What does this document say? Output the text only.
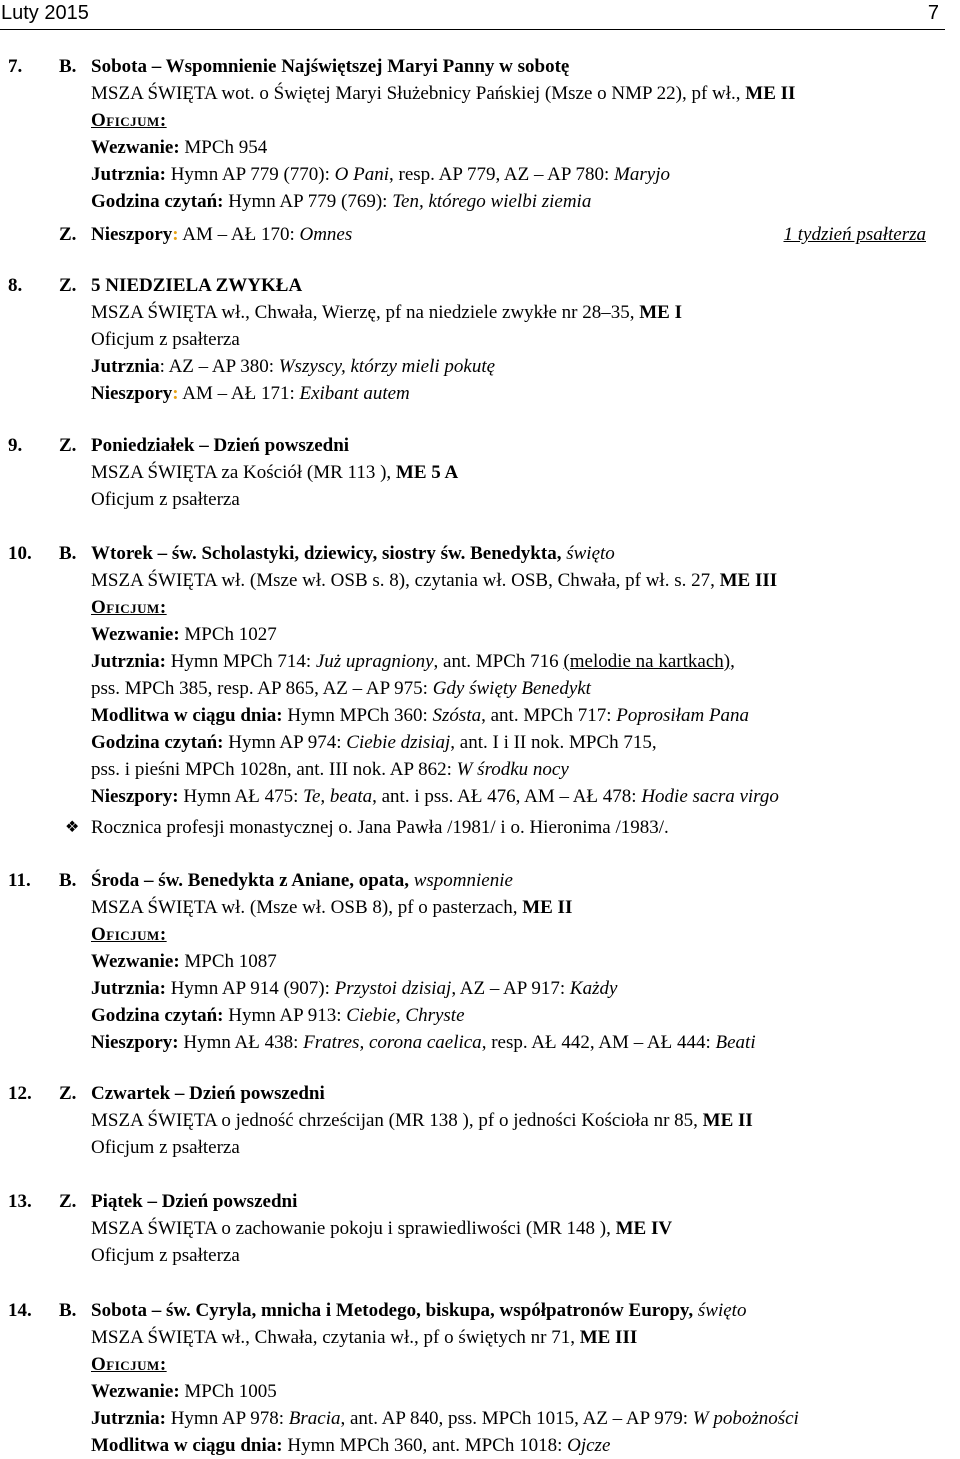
Luty 2015	7
7. B. Sobota – Wspomnienie Najświętszej Maryi Panny w sobotę
MSZA ŚWIĘTA wot. o Świętej Maryi Służebnicy Pańskiej (Msze o NMP 22), pf wł., ME II
Oficjum:
Wezwanie: MPCh 954
Jutrznia: Hymn AP 779 (770): O Pani, resp. AP 779, AZ – AP 780: Maryjo
Godzina czytań: Hymn AP 779 (769): Ten, którego wielbi ziemia
Z. Nieszpory: AM – AŁ 170: Omnes	1 tydzień psałterza
8. Z. 5 NIEDZIELA ZWYKŁA
MSZA ŚWIĘTA wł., Chwała, Wierzę, pf na niedziele zwykłe nr 28–35, ME I
Oficjum z psałterza
Jutrznia: AZ – AP 380: Wszyscy, którzy mieli pokutę
Nieszpory: AM – AŁ 171: Exibant autem
9. Z. Poniedziałek – Dzień powszedni
MSZA ŚWIĘTA za Kościół (MR 113 ), ME 5 A
Oficjum z psałterza
10. B. Wtorek – św. Scholastyki, dziewicy, siostry św. Benedykta, święto
MSZA ŚWIĘTA wł. (Msze wł. OSB s. 8), czytania wł. OSB, Chwała, pf wł. s. 27, ME III
Oficjum:
Wezwanie: MPCh 1027
Jutrznia: Hymn MPCh 714: Już upragniony, ant. MPCh 716 (melodie na kartkach),
pss. MPCh 385, resp. AP 865, AZ – AP 975: Gdy święty Benedykt
Modlitwa w ciągu dnia: Hymn MPCh 360: Szósta, ant. MPCh 717: Poprosiłam Pana
Godzina czytań: Hymn AP 974: Ciebie dzisiaj, ant. I i II nok. MPCh 715,
pss. i pieśni MPCh 1028n, ant. III nok. AP 862: W środku nocy
Nieszpory: Hymn AŁ 475: Te, beata, ant. i pss. AŁ 476, AM – AŁ 478: Hodie sacra virgo
❖ Rocznica profesji monastycznej o. Jana Pawła /1981/ i o. Hieronima /1983/.
11. B. Środa – św. Benedykta z Aniane, opata, wspomnienie
MSZA ŚWIĘTA wł. (Msze wł. OSB 8), pf o pasterzach, ME II
Oficjum:
Wezwanie: MPCh 1087
Jutrznia: Hymn AP 914 (907): Przystoi dzisiaj, AZ – AP 917: Każdy
Godzina czytań: Hymn AP 913: Ciebie, Chryste
Nieszpory: Hymn AŁ 438: Fratres, corona caelica, resp. AŁ 442, AM – AŁ 444: Beati
12. Z. Czwartek – Dzień powszedni
MSZA ŚWIĘTA o jedność chrześcijan (MR 138 ), pf o jedności Kościoła nr 85, ME II
Oficjum z psałterza
13. Z. Piątek – Dzień powszedni
MSZA ŚWIĘTA o zachowanie pokoju i sprawiedliwości (MR 148 ), ME IV
Oficjum z psałterza
14. B. Sobota – św. Cyryla, mnicha i Metodego, biskupa, współpatronów Europy, święto
MSZA ŚWIĘTA wł., Chwała, czytania wł., pf o świętych nr 71, ME III
Oficjum:
Wezwanie: MPCh 1005
Jutrznia: Hymn AP 978: Bracia, ant. AP 840, pss. MPCh 1015, AZ – AP 979: W pobożności
Modlitwa w ciągu dnia: Hymn MPCh 360, ant. MPCh 1018: Ojcze
